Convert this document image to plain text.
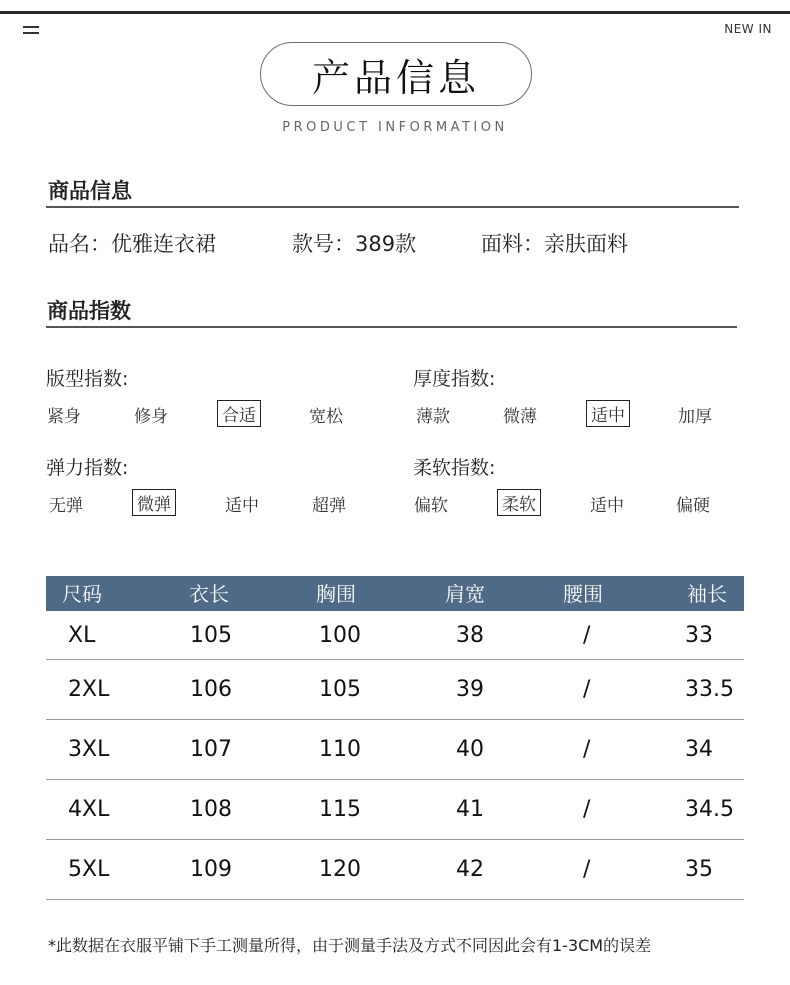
NEW IN
产品信息
PRODUCT INFORMATION
商品信息
品名：优雅连衣裙	款号：389款	面料：亲肤面料
商品指数
版型指数:	厚度指数:
弹力指数:	柔软指数:
紧身	修身	合适	宽松	薄款	微薄	适中	加厚
无弹	微弹	适中	超弹	偏软	柔软	适中	偏硬
尺码	衣长	胸围	肩宽	腰围	袖长
XL	105	100	38	/	33
2XL	106	105	39	/	33.5
3XL	107	110	40	/	34
4XL	108	115	41	/	34.5
5XL	109	120	42	/	35
*此数据在衣服平铺下手工测量所得，由于测量手法及方式不同因此会有1-3CM的误差
